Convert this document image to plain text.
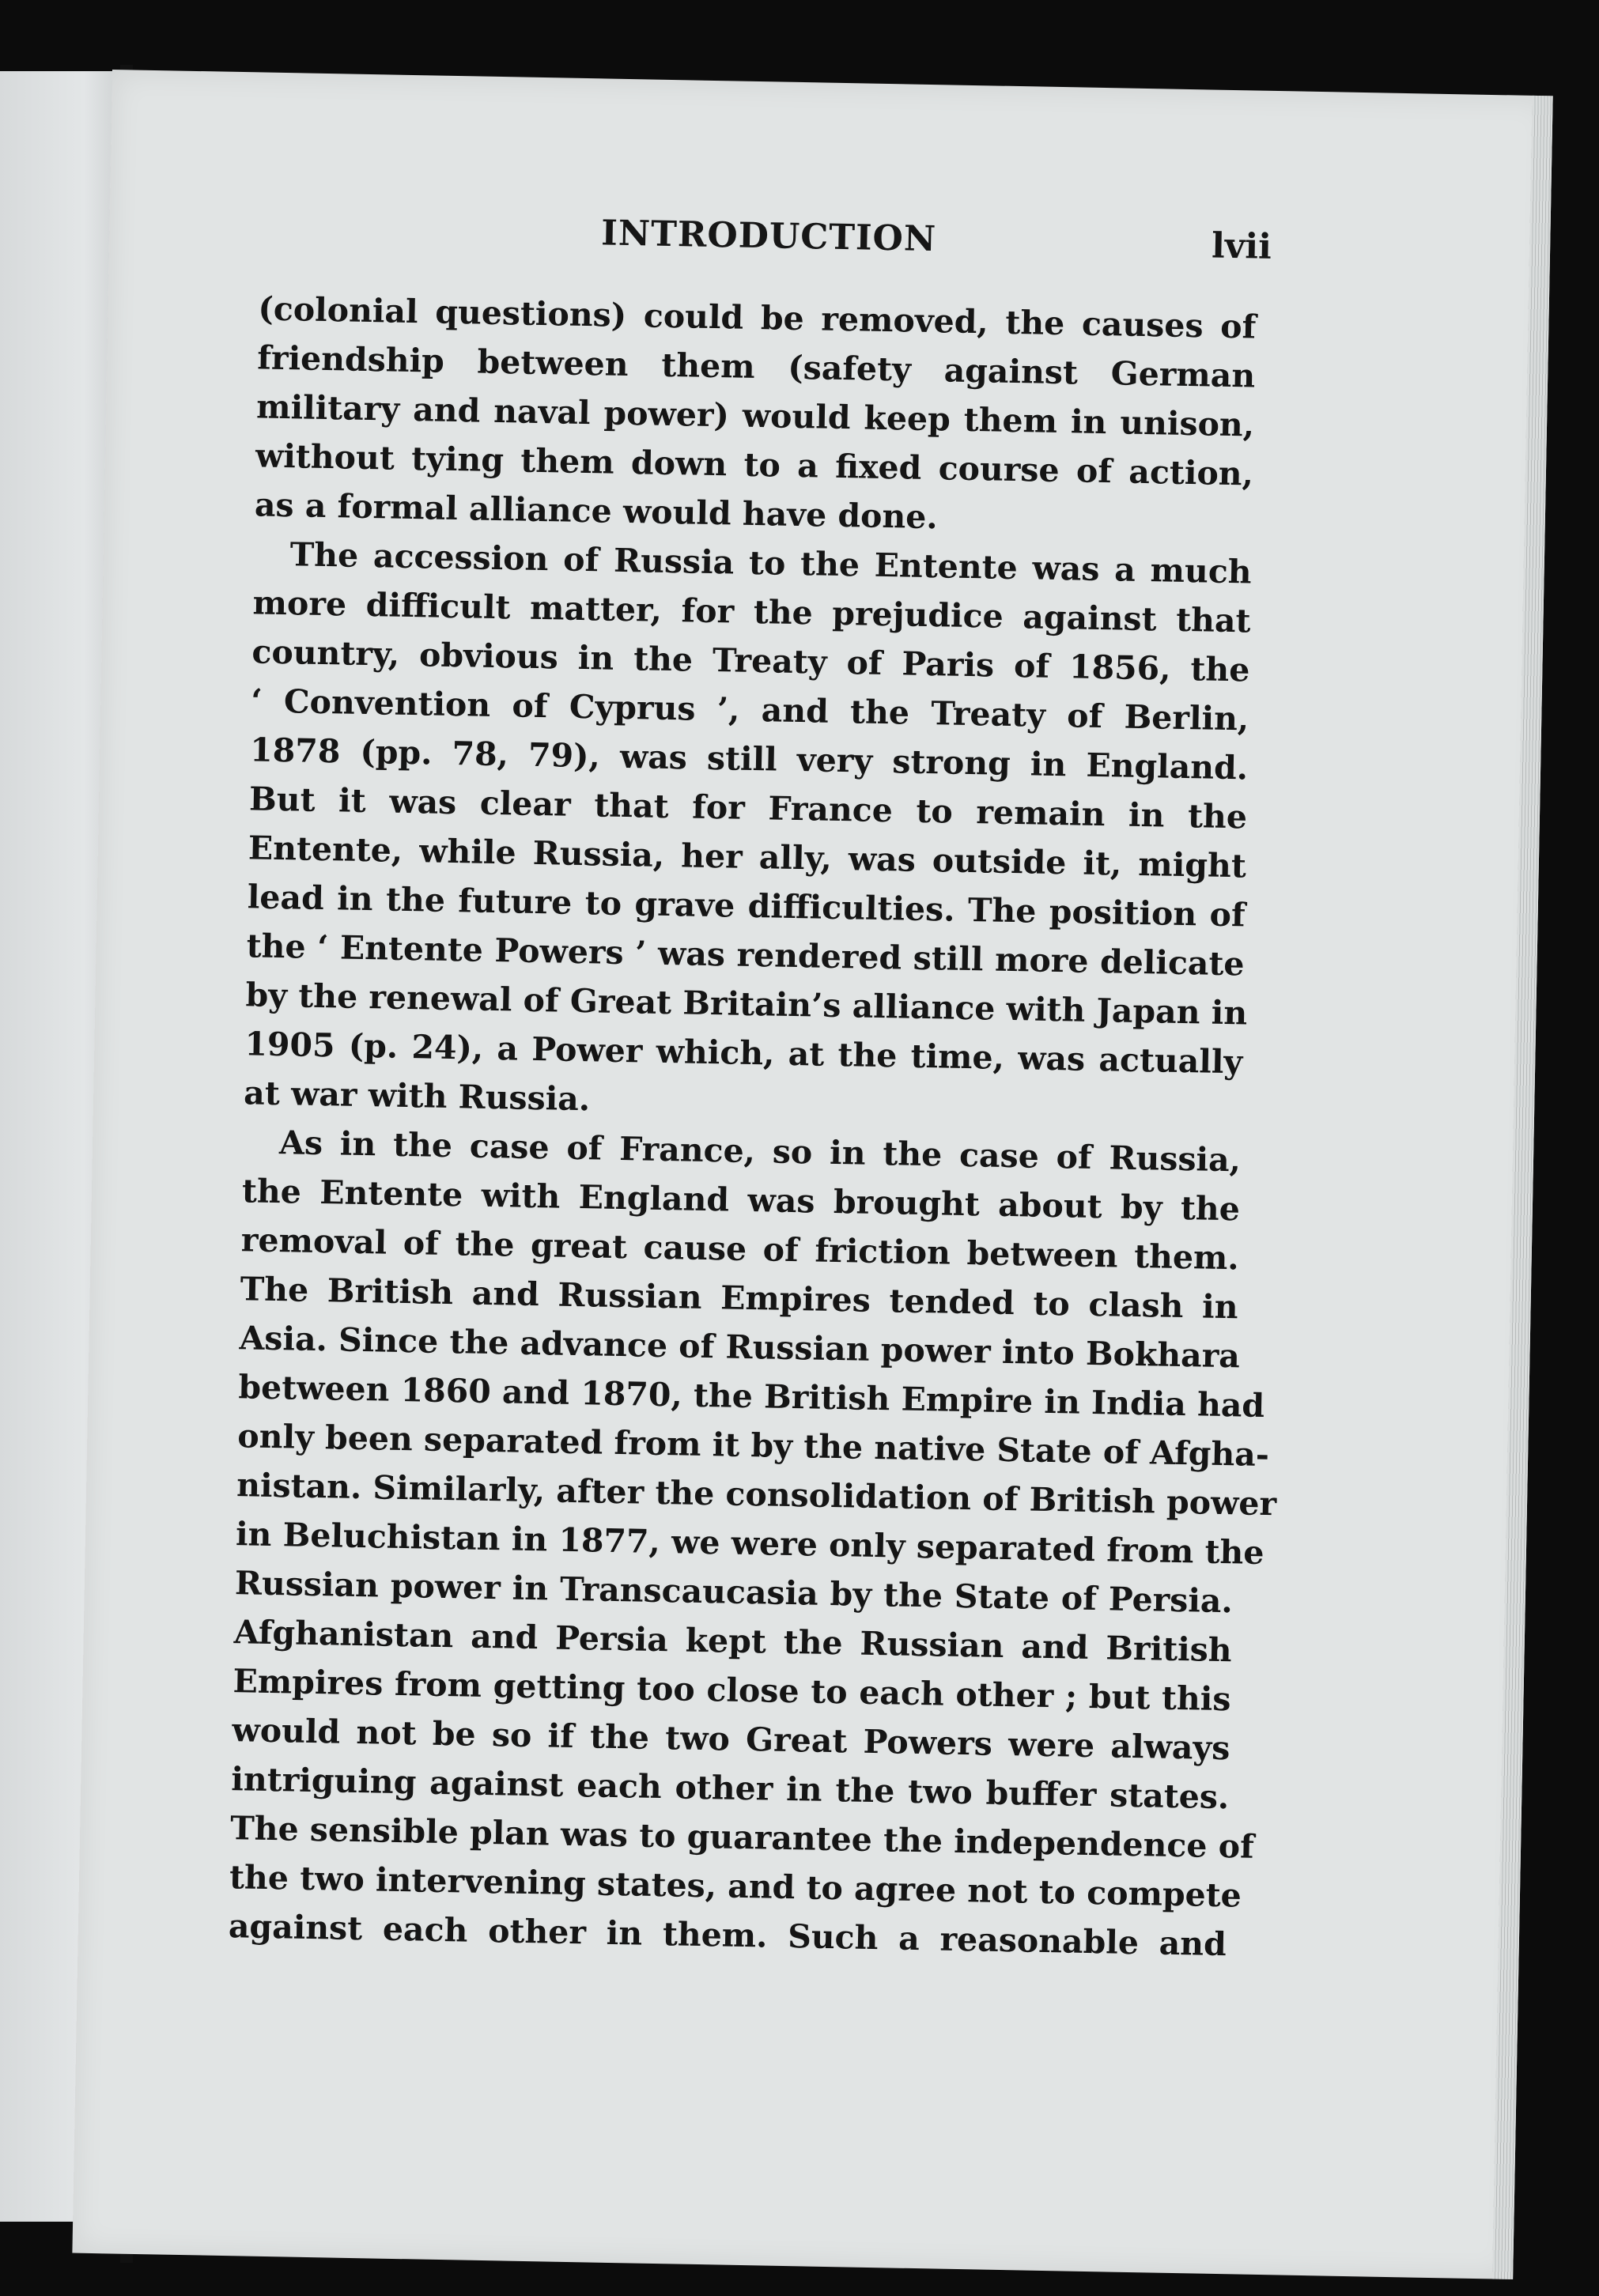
INTRODUCTION	lvii
(colonial questions) could be removed, the causes of
friendship between them (safety against German
military and naval power) would keep them in unison,
without tying them down to a fixed course of action,
as a formal alliance would have done.
The accession of Russia to the Entente was a much
more difficult matter, for the prejudice against that
country, obvious in the Treaty of Paris of 1856, the
‘ Convention of Cyprus ’, and the Treaty of Berlin,
1878 (pp. 78, 79), was still very strong in England.
But it was clear that for France to remain in the
Entente, while Russia, her ally, was outside it, might
lead in the future to grave difficulties. The position of
the ‘ Entente Powers ’ was rendered still more delicate
by the renewal of Great Britain’s alliance with Japan in
1905 (p. 24), a Power which, at the time, was actually
at war with Russia.
As in the case of France, so in the case of Russia,
the Entente with England was brought about by the
removal of the great cause of friction between them.
The British and Russian Empires tended to clash in
Asia. Since the advance of Russian power into Bokhara
between 1860 and 1870, the British Empire in India had
only been separated from it by the native State of Afgha-
nistan. Similarly, after the consolidation of British power
in Beluchistan in 1877, we were only separated from the
Russian power in Transcaucasia by the State of Persia.
Afghanistan and Persia kept the Russian and British
Empires from getting too close to each other ; but this
would not be so if the two Great Powers were always
intriguing against each other in the two buffer states.
The sensible plan was to guarantee the independence of
the two intervening states, and to agree not to compete
against each other in them. Such a reasonable and
